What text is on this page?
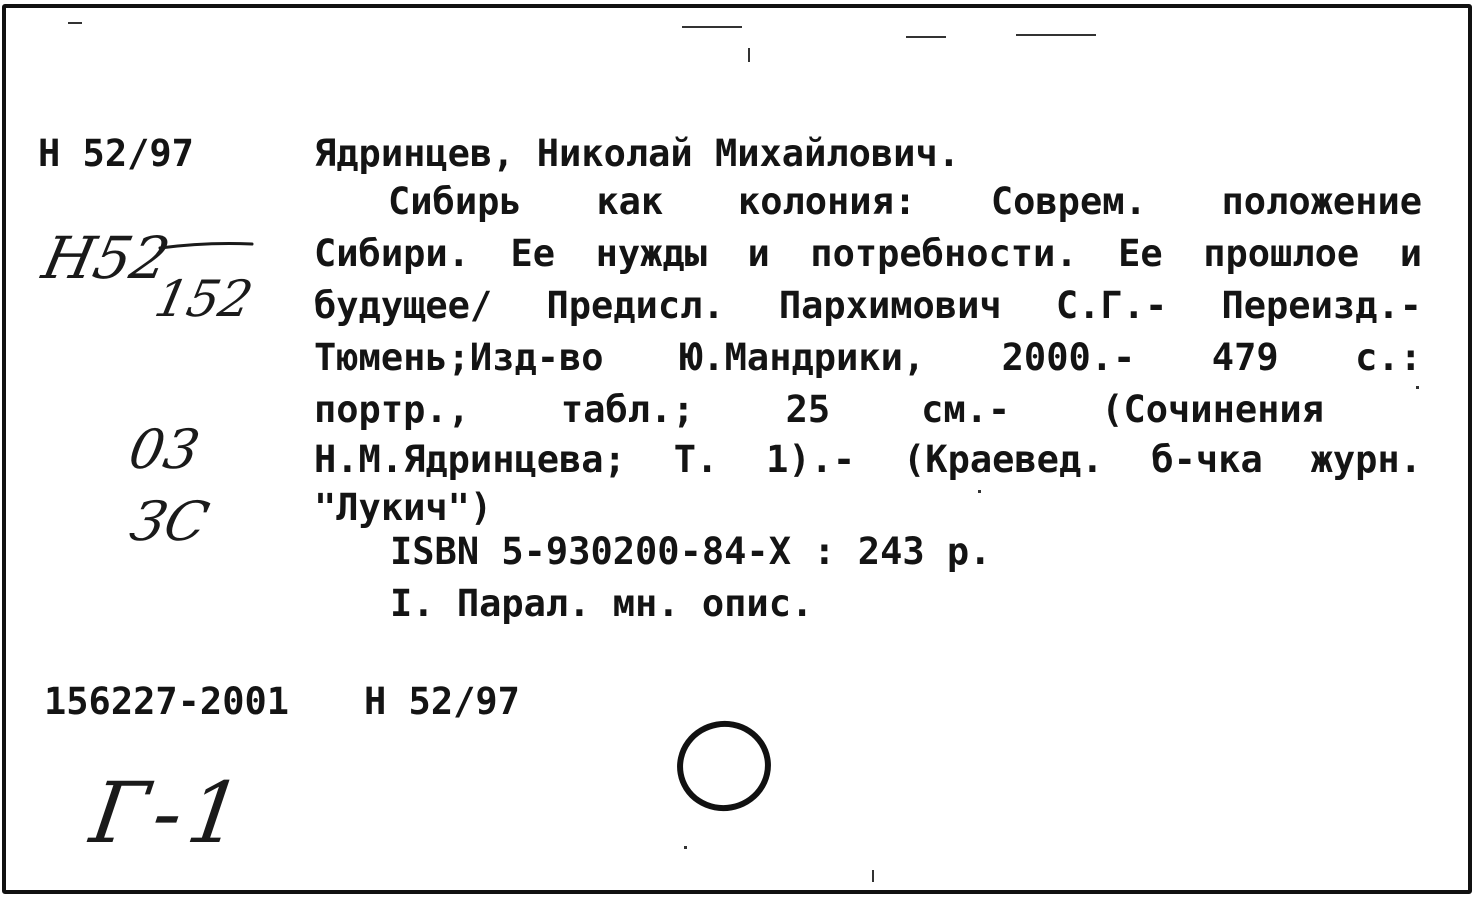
Н 52/97	Ядринцев, Николай Михайлович.
Сибирь как колония: Соврем. положение
Сибири. Ее нужды и потребности. Ее прошлое и
будущее/ Предисл. Пархимович С.Г.- Переизд.-
Тюмень;Изд-во Ю.Мандрики, 2000.- 479 с.:
портр., табл.; 25 см.- (Сочинения
Н.М.Ядринцева; Т. 1).- (Краевед. б-чка журн.
"Лукич")
ISBN 5-930200-84-X : 243 р.
I. Парал. мн. опис.
156227-2001 Н 52/97
Н52
152
03
ЗС
Г-1
